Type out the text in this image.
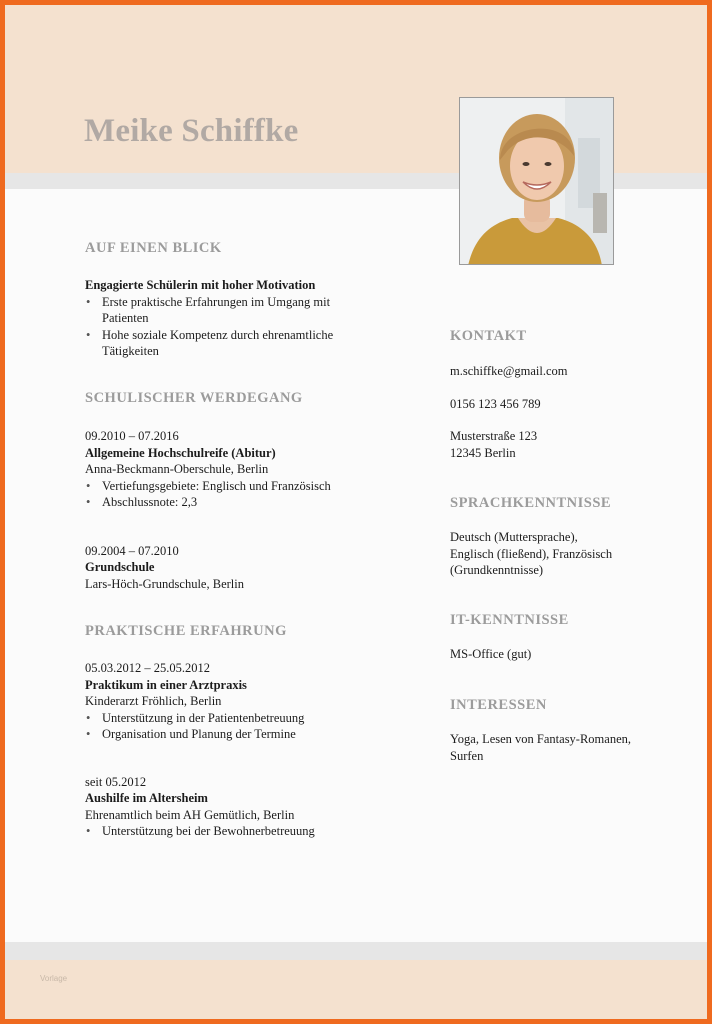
Meike Schiffke
AUF EINEN BLICK
Engagierte Schülerin mit hoher Motivation
• Erste praktische Erfahrungen im Umgang mit Patienten
• Hohe soziale Kompetenz durch ehrenamtliche Tätigkeiten
SCHULISCHER WERDEGANG
09.2010 – 07.2016
Allgemeine Hochschulreife (Abitur)
Anna-Beckmann-Oberschule, Berlin
• Vertiefungsgebiete: Englisch und Französisch
• Abschlussnote: 2,3
09.2004 – 07.2010
Grundschule
Lars-Höch-Grundschule, Berlin
PRAKTISCHE ERFAHRUNG
05.03.2012 – 25.05.2012
Praktikum in einer Arztpraxis
Kinderarzt Fröhlich, Berlin
• Unterstützung in der Patientenbetreuung
• Organisation und Planung der Termine
seit 05.2012
Aushilfe im Altersheim
Ehrenamtlich beim AH Gemütlich, Berlin
• Unterstützung bei der Bewohnerbetreuung
KONTAKT
m.schiffke@gmail.com
0156 123 456 789
Musterstraße 123
12345 Berlin
SPRACHKENNTNISSE
Deutsch (Muttersprache),
Englisch (fließend), Französisch
(Grundkenntnisse)
IT-KENNTNISSE
MS-Office (gut)
INTERESSEN
Yoga, Lesen von Fantasy-Romanen,
Surfen
Vorlage
